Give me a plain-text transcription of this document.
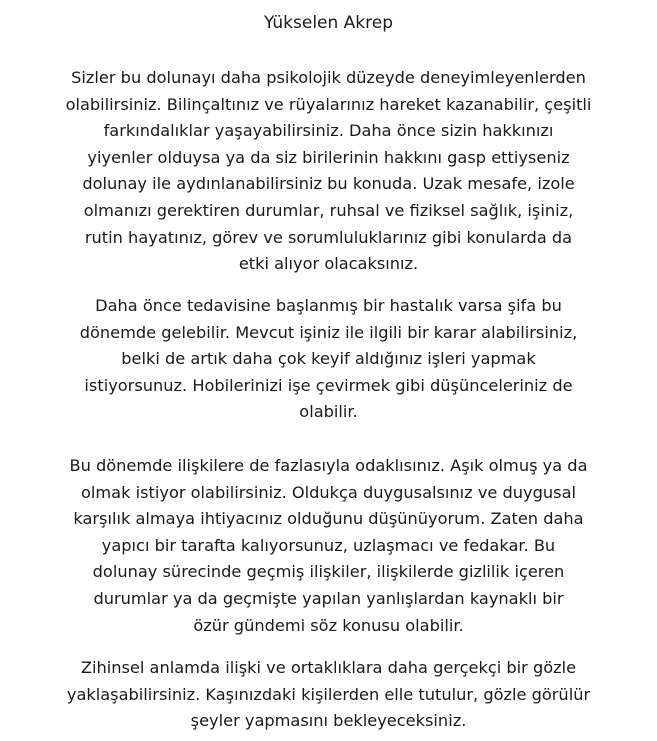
Yükselen Akrep
Sizler bu dolunayı daha psikolojik düzeyde deneyimleyenlerden
olabilirsiniz. Bilinçaltınız ve rüyalarınız hareket kazanabilir, çeşitli
farkındalıklar yaşayabilirsiniz. Daha önce sizin hakkınızı
yiyenler olduysa ya da siz birilerinin hakkını gasp ettiyseniz
dolunay ile aydınlanabilirsiniz bu konuda. Uzak mesafe, izole
olmanızı gerektiren durumlar, ruhsal ve fiziksel sağlık, işiniz,
rutin hayatınız, görev ve sorumluluklarınız gibi konularda da
etki alıyor olacaksınız.
Daha önce tedavisine başlanmış bir hastalık varsa şifa bu
dönemde gelebilir. Mevcut işiniz ile ilgili bir karar alabilirsiniz,
belki de artık daha çok keyif aldığınız işleri yapmak
istiyorsunuz. Hobilerinizi işe çevirmek gibi düşünceleriniz de
olabilir.
Bu dönemde ilişkilere de fazlasıyla odaklısınız. Aşık olmuş ya da
olmak istiyor olabilirsiniz. Oldukça duygusalsınız ve duygusal
karşılık almaya ihtiyacınız olduğunu düşünüyorum. Zaten daha
yapıcı bir tarafta kalıyorsunuz, uzlaşmacı ve fedakar. Bu
dolunay sürecinde geçmiş ilişkiler, ilişkilerde gizlilik içeren
durumlar ya da geçmişte yapılan yanlışlardan kaynaklı bir
özür gündemi söz konusu olabilir.
Zihinsel anlamda ilişki ve ortaklıklara daha gerçekçi bir gözle
yaklaşabilirsiniz. Kaşınızdaki kişilerden elle tutulur, gözle görülür
şeyler yapmasını bekleyeceksiniz.
